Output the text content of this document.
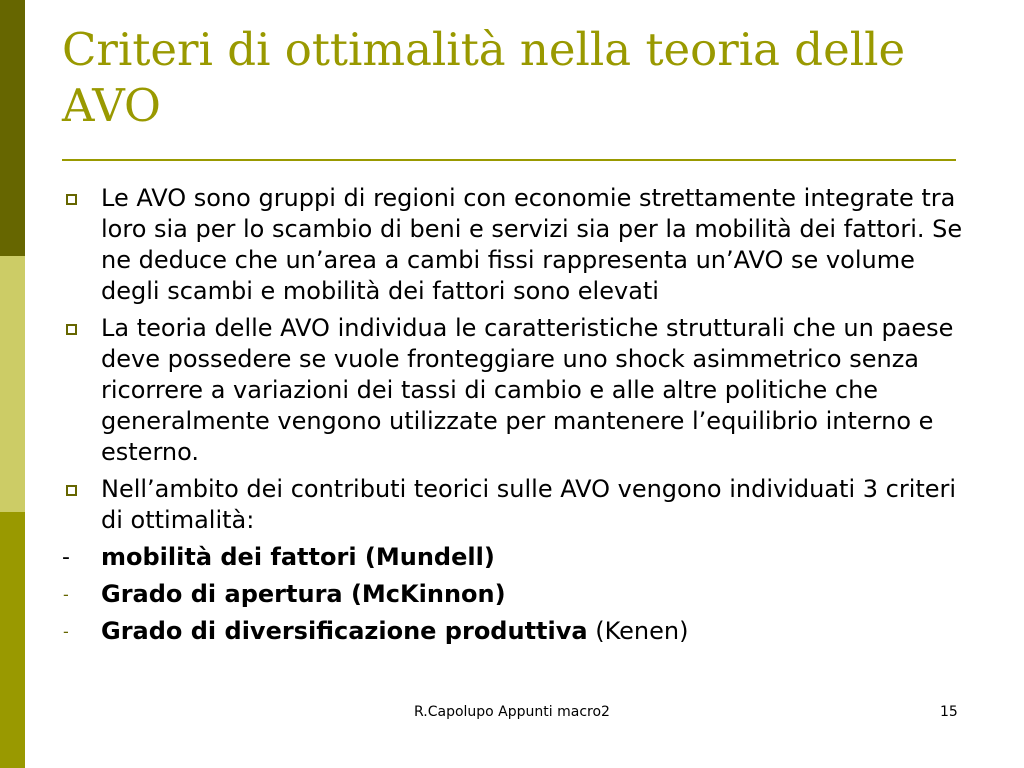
Criteri di ottimalità nella teoria delle AVO
Le AVO sono gruppi di regioni con economie strettamente integrate tra loro sia per lo scambio di beni e servizi sia per la mobilità dei fattori. Se ne deduce che un’area a cambi fissi rappresenta un’AVO se volume degli scambi e mobilità dei fattori sono elevati
La teoria delle AVO individua le caratteristiche strutturali che un paese deve possedere se vuole fronteggiare uno shock asimmetrico senza ricorrere a variazioni dei tassi di cambio e alle altre politiche che generalmente vengono utilizzate per mantenere l’equilibrio interno e esterno.
Nell’ambito dei contributi teorici sulle AVO vengono individuati 3 criteri di ottimalità:
- mobilità dei fattori (Mundell)
- Grado di apertura (McKinnon)
- Grado di diversificazione produttiva (Kenen)
R.Capolupo Appunti macro2	15
